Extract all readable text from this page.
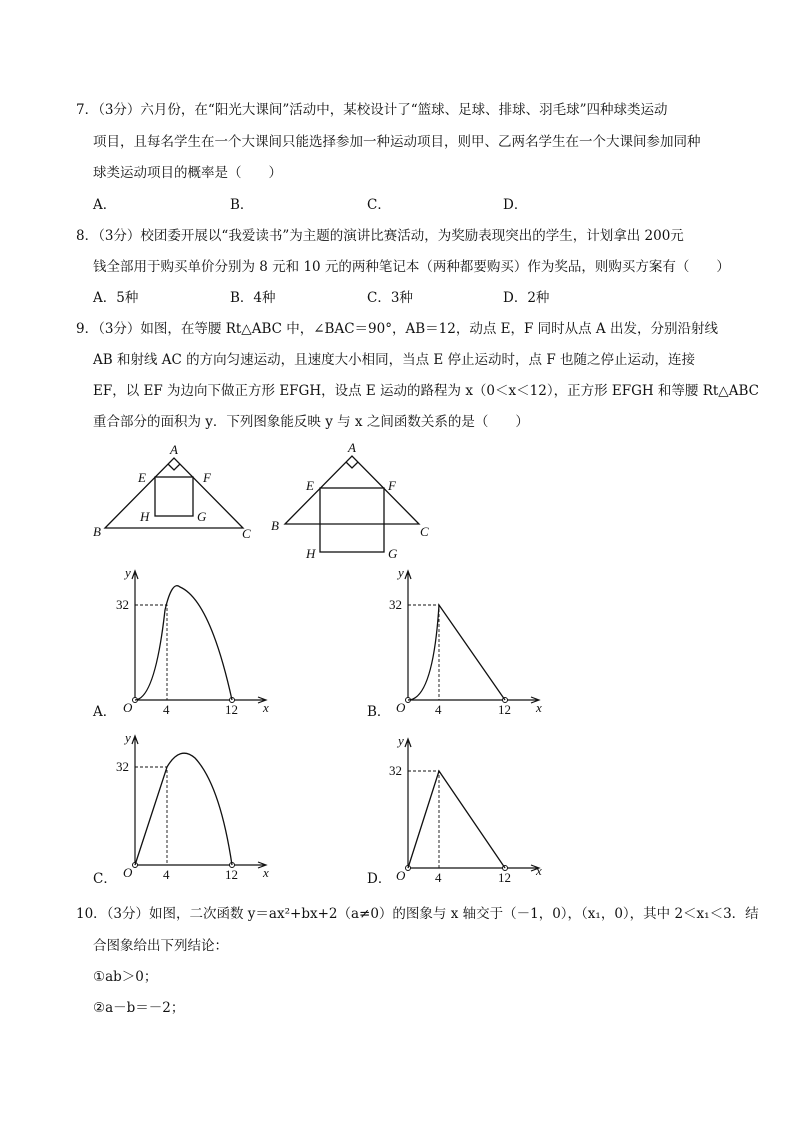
7．（3分）六月份，在“阳光大课间”活动中，某校设计了“篮球、足球、排球、羽毛球”四种球类运动
项目，且每名学生在一个大课间只能选择参加一种运动项目，则甲、乙两名学生在一个大课间参加同种
球类运动项目的概率是（　　）
A．	B．	C．	D．
8．（3分）校团委开展以“我爱读书”为主题的演讲比赛活动，为奖励表现突出的学生，计划拿出 200元
钱全部用于购买单价分别为 8 元和 10 元的两种笔记本（两种都要购买）作为奖品，则购买方案有（　　）
A．5种	B．4种	C．3种	D．2种
9．（3分）如图，在等腰 Rt△ABC 中，∠BAC＝90°，AB＝12，动点 E，F 同时从点 A 出发，分别沿射线
AB 和射线 AC 的方向匀速运动，且速度大小相同，当点 E 停止运动时，点 F 也随之停止运动，连接
EF，以 EF 为边向下做正方形 EFGH，设点 E 运动的路程为 x（0＜x＜12），正方形 EFGH 和等腰 Rt△ABC
重合部分的面积为 y．下列图象能反映 y 与 x 之间函数关系的是（　　）
A
B	C
E	F
H	G
A
B	C
E	F
H	G
y
x
O 4	12
32
A．
y
x
O 4	12
32
B．
y
x
O 4	12
32
C．
y
x
O 4	12
32
D．
10．（3分）如图，二次函数 y＝ax²+bx+2（a≠0）的图象与 x 轴交于（－1，0），（x₁，0），其中 2＜x₁＜3．结
合图象给出下列结论：
①ab＞0；
②a－b＝－2；
